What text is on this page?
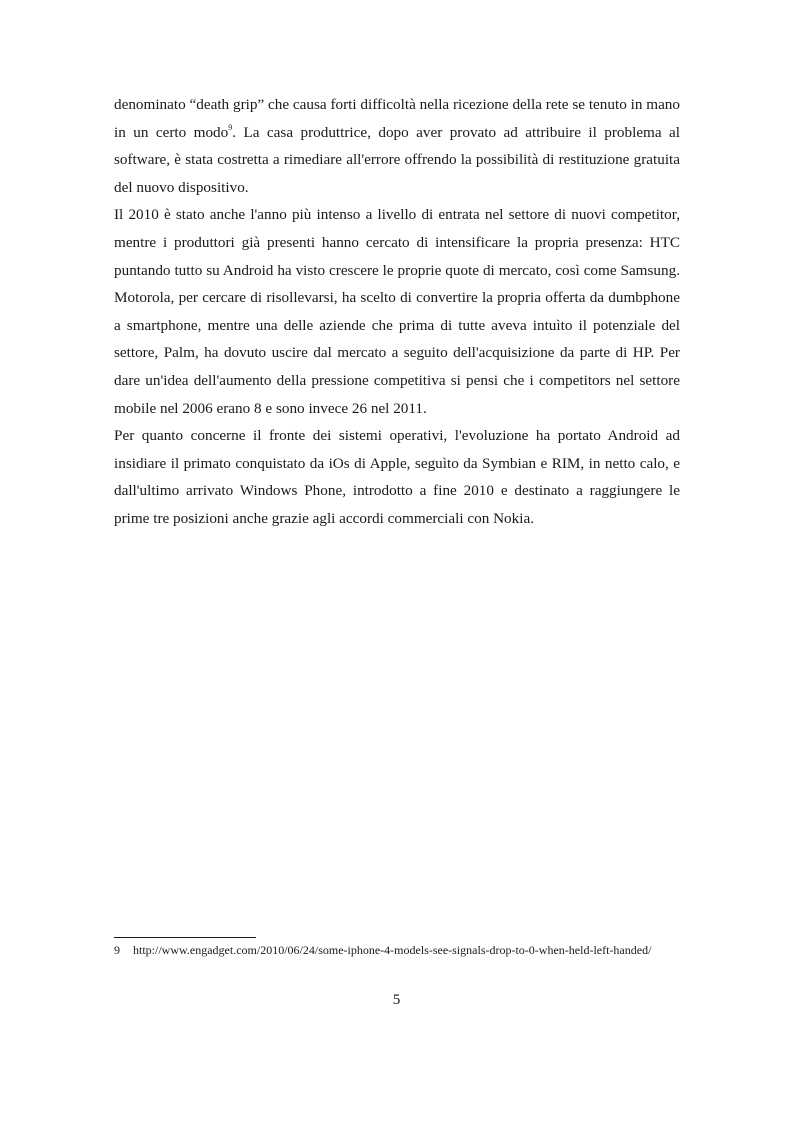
denominato “death grip” che causa forti difficoltà nella ricezione della rete se tenuto in mano in un certo modo$^9$. La casa produttrice, dopo aver provato ad attribuire il problema al software, è stata costretta a rimediare all'errore offrendo la possibilità di restituzione gratuita del nuovo dispositivo.

Il 2010 è stato anche l'anno più intenso a livello di entrata nel settore di nuovi competitor, mentre i produttori già presenti hanno cercato di intensificare la propria presenza: HTC puntando tutto su Android ha visto crescere le proprie quote di mercato, così come Samsung. Motorola, per cercare di risollevarsi, ha scelto di convertire la propria offerta da dumbphone a smartphone, mentre una delle aziende che prima di tutte aveva intuìto il potenziale del settore, Palm, ha dovuto uscire dal mercato a seguito dell'acquisizione da parte di HP. Per dare un'idea dell'aumento della pressione competitiva si pensi che i competitors nel settore mobile nel 2006 erano 8 e sono invece 26 nel 2011.

Per quanto concerne il fronte dei sistemi operativi, l'evoluzione ha portato Android ad insidiare il primato conquistato da iOs di Apple, seguìto da Symbian e RIM, in netto calo, e dall'ultimo arrivato Windows Phone, introdotto a fine 2010 e destinato a raggiungere le prime tre posizioni anche grazie agli accordi commerciali con Nokia.

9 http://www.engadget.com/2010/06/24/some-iphone-4-models-see-signals-drop-to-0-when-held-left-handed/
5
